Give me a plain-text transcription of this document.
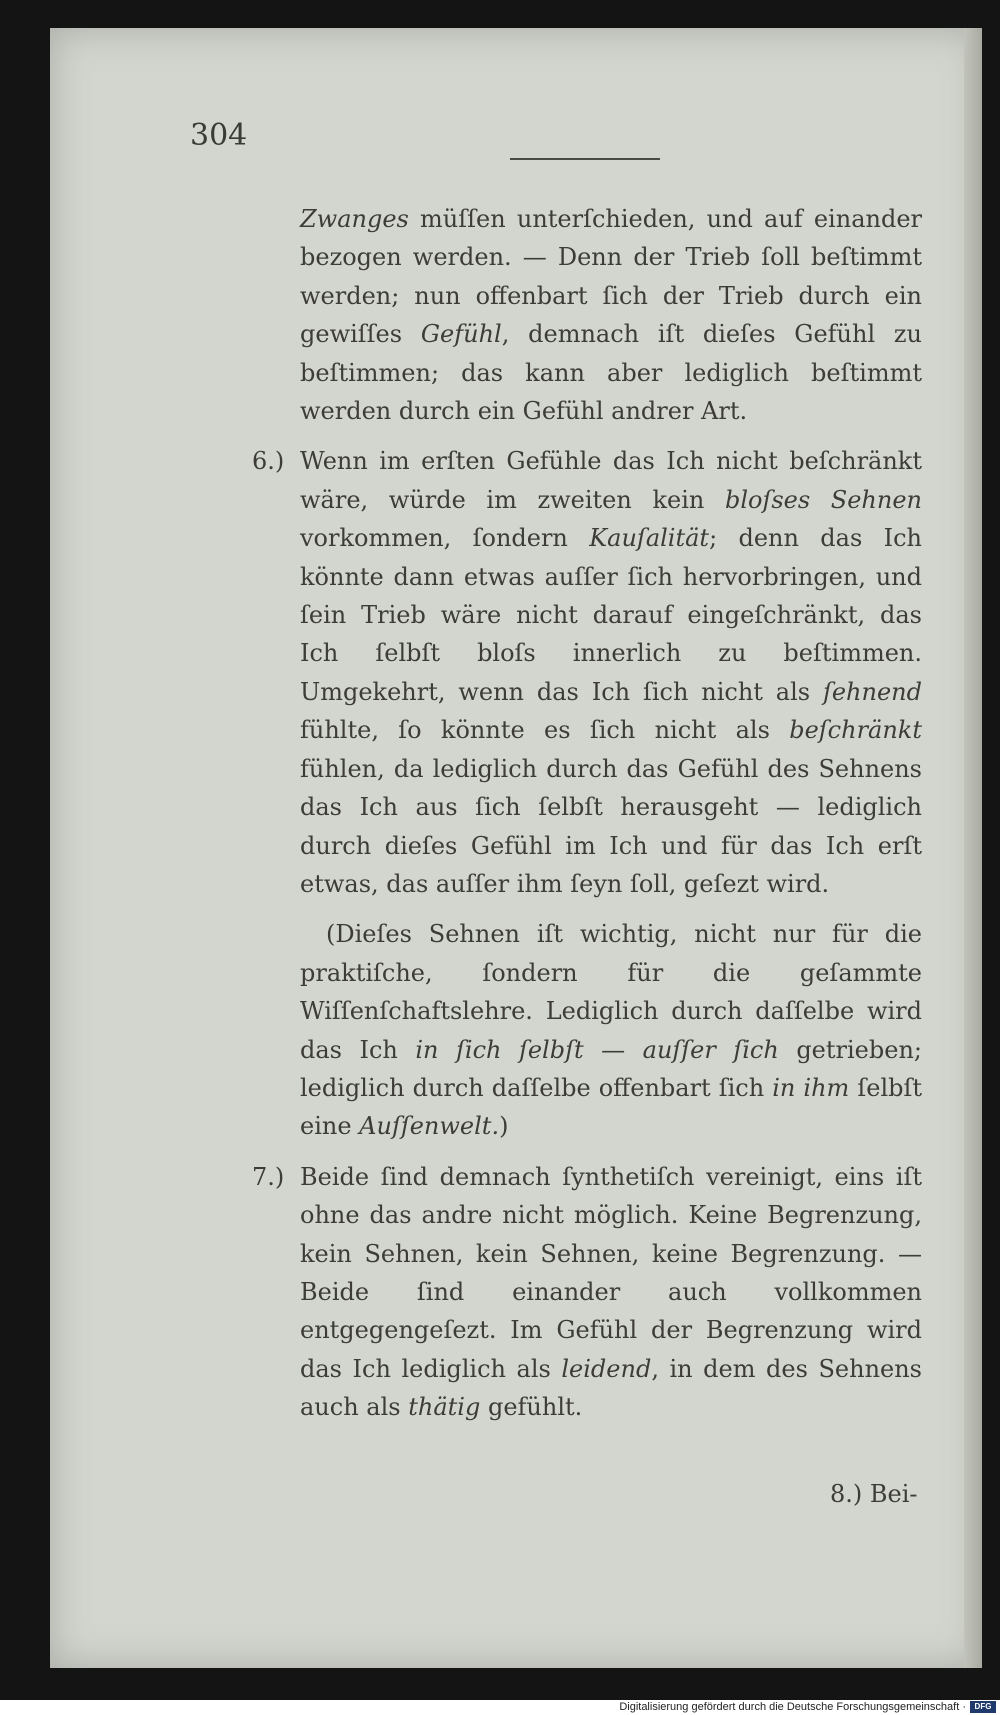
304

Zwanges müſſen unterſchieden, und auf einander bezogen werden. — Denn der Trieb ſoll beſtimmt werden; nun offenbart ſich der Trieb durch ein gewiſſes Gefühl, demnach iſt dieſes Gefühl zu beſtimmen; das kann aber lediglich beſtimmt werden durch ein Gefühl andrer Art.

6.) Wenn im erſten Gefühle das Ich nicht beſchränkt wäre, würde im zweiten kein bloſses Sehnen vorkommen, ſondern Kauſalität; denn das Ich könnte dann etwas auſſer ſich hervorbringen, und ſein Trieb wäre nicht darauf eingeſchränkt, das Ich ſelbſt bloſs innerlich zu beſtimmen. Umgekehrt, wenn das Ich ſich nicht als ſehnend fühlte, ſo könnte es ſich nicht als beſchränkt fühlen, da lediglich durch das Gefühl des Sehnens das Ich aus ſich ſelbſt herausgeht — lediglich durch dieſes Gefühl im Ich und für das Ich erſt etwas, das auſſer ihm ſeyn ſoll, geſezt wird.

(Dieſes Sehnen iſt wichtig, nicht nur für die praktiſche, ſondern für die geſammte Wiſſenſchaftslehre. Lediglich durch daſſelbe wird das Ich in ſich ſelbſt — auſſer ſich getrieben; lediglich durch daſſelbe offenbart ſich in ihm ſelbſt eine Auſſenwelt.)

7.) Beide ſind demnach ſynthetiſch vereinigt, eins iſt ohne das andre nicht möglich. Keine Begrenzung, kein Sehnen, kein Sehnen, keine Begrenzung. — Beide ſind einander auch vollkommen entgegengeſezt. Im Gefühl der Begrenzung wird das Ich lediglich als leidend, in dem des Sehnens auch als thätig gefühlt.

8.) Bei-
Digitalisierung gefördert durch die Deutsche Forschungsgemeinschaft ·	DFG
